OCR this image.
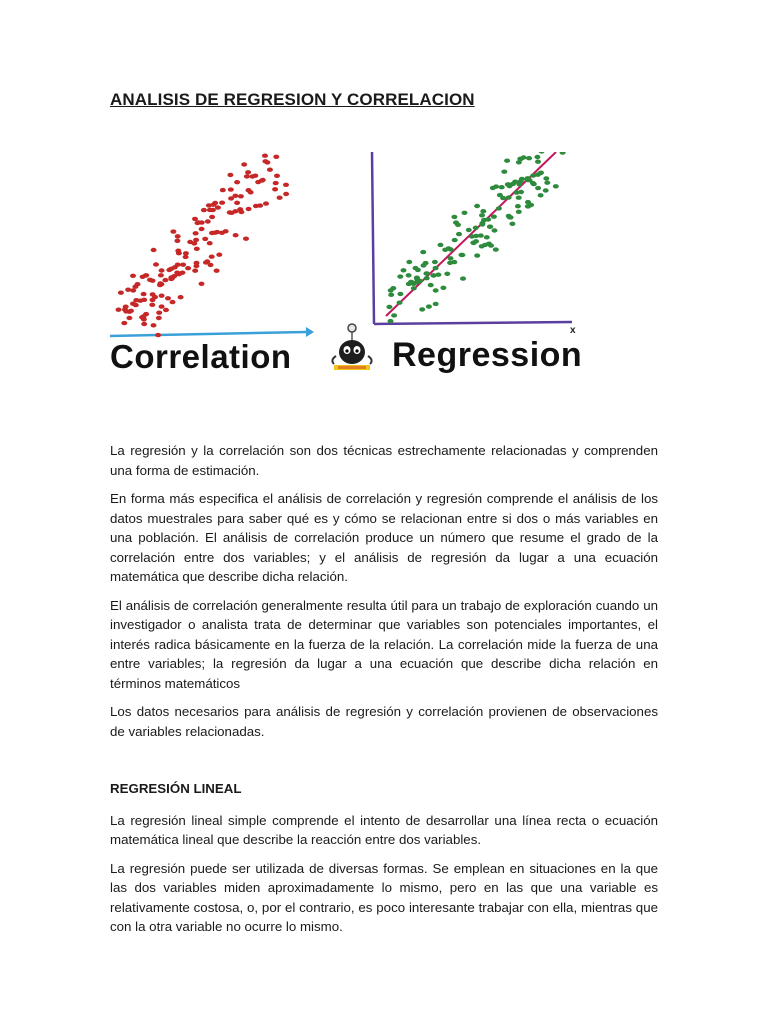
ANALISIS DE REGRESION Y CORRELACION
x
Correlation	Regression

La regresión y la correlación son dos técnicas estrechamente relacionadas y comprenden una forma de estimación.

En forma más especifica el análisis de correlación y regresión comprende el análisis de los datos muestrales para saber qué es y cómo se relacionan entre si dos o más variables en una población. El análisis de correlación produce un número que resume el grado de la correlación entre dos variables; y el análisis de regresión da lugar a una ecuación matemática que describe dicha relación.

El análisis de correlación generalmente resulta útil para un trabajo de exploración cuando un investigador o analista trata de determinar que variables son potenciales importantes, el interés radica básicamente en la fuerza de la relación. La correlación mide la fuerza de una entre variables; la regresión da lugar a una ecuación que describe dicha relación en términos matemáticos

Los datos necesarios para análisis de regresión y correlación provienen de observaciones de variables relacionadas.

REGRESIÓN LINEAL

La regresión lineal simple comprende el intento de desarrollar una línea recta o ecuación matemática lineal que describe la reacción entre dos variables.

La regresión puede ser utilizada de diversas formas. Se emplean en situaciones en la que las dos variables miden aproximadamente lo mismo, pero en las que una variable es relativamente costosa, o, por el contrario, es poco interesante trabajar con ella, mientras que con la otra variable no ocurre lo mismo.
